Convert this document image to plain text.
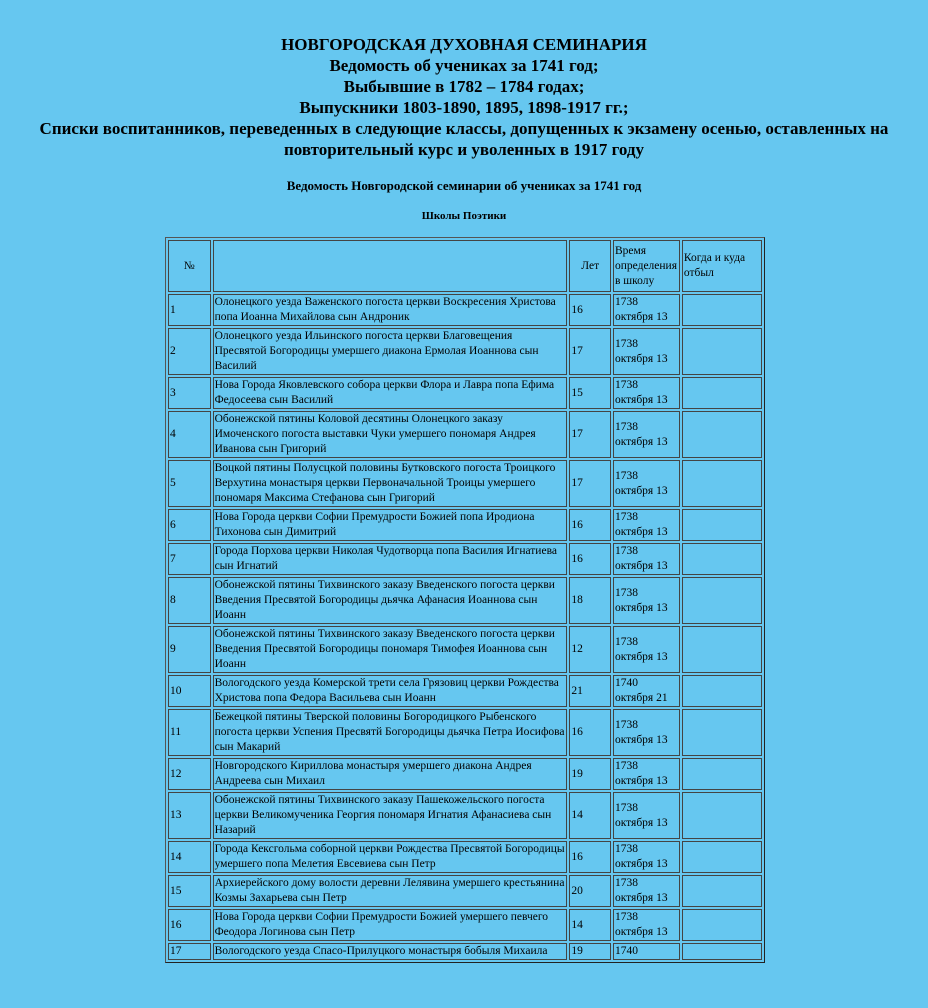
НОВГОРОДСКАЯ ДУХОВНАЯ СЕМИНАРИЯ
Ведомость об учениках за 1741 год;
Выбывшие в 1782 – 1784 годах;
Выпускники 1803-1890, 1895, 1898-1917 гг.;
Списки воспитанников, переведенных в следующие классы, допущенных к экзамену осенью, оставленных на повторительный курс и уволенных в 1917 году
Ведомость Новгородской семинарии об учениках за 1741 год
Школы Поэтики
№		Лет	Время определения в школу	Когда и куда отбыл
1	Олонецкого уезда Важенского погоста церкви Воскресения Христова попа Иоанна Михайлова сын Андроник	16	1738
октября 13	
2	Олонецкого уезда Ильинского погоста церкви Благовещения Пресвятой Богородицы умершего диакона Ермолая Иоаннова сын Василий	17	1738
октября 13	
3	Нова Города Яковлевского собора церкви Флора и Лавра попа Ефима Федосеева сын Василий	15	1738
октября 13	
4	Обонежской пятины Коловой десятины Олонецкого заказу Имоченского погоста выставки Чуки умершего пономаря Андрея Иванова сын Григорий	17	1738
октября 13	
5	Воцкой пятины Полусцкой половины Бутковского погоста Троицкого Верхутина монастыря церкви Первоначальной Троицы умершего пономаря Максима Стефанова сын Григорий	17	1738
октября 13	
6	Нова Города церкви Софии Премудрости Божией попа Иродиона Тихонова сын Димитрий	16	1738
октября 13	
7	Города Порхова церкви Николая Чудотворца попа Василия Игнатиева сын Игнатий	16	1738
октября 13	
8	Обонежской пятины Тихвинского заказу Введенского погоста церкви Введения Пресвятой Богородицы дьячка Афанасия Иоаннова сын Иоанн	18	1738
октября 13	
9	Обонежской пятины Тихвинского заказу Введенского погоста церкви Введения Пресвятой Богородицы пономаря Тимофея Иоаннова сын Иоанн	12	1738
октября 13	
10	Вологодского уезда Комерской трети села Грязовиц церкви Рождества Христова попа Федора Васильева сын Иоанн	21	1740
октября 21	
11	Бежецкой пятины Тверской половины Богородицкого Рыбенского погоста церкви Успения Пресвятй Богородицы дьячка Петра Иосифова сын Макарий	16	1738
октября 13	
12	Новгородского Кириллова монастыря умершего диакона Андрея Андреева сын Михаил	19	1738
октября 13	
13	Обонежской пятины Тихвинского заказу Пашекожельского погоста церкви Великомученика Георгия пономаря Игнатия Афанасиева сын Назарий	14	1738
октября 13	
14	Города Кексгольма соборной церкви Рождества Пресвятой Богородицы умершего попа Мелетия Евсевиева сын Петр	16	1738
октября 13	
15	Архиерейского дому волости деревни Лелявина умершего крестьянина Козмы Захарьева сын Петр	20	1738
октября 13	
16	Нова Города церкви Софии Премудрости Божией умершего певчего Феодора Логинова сын Петр	14	1738
октября 13	
17	Вологодского уезда Спасо-Прилуцкого монастыря бобыля Михаила	19	1740
